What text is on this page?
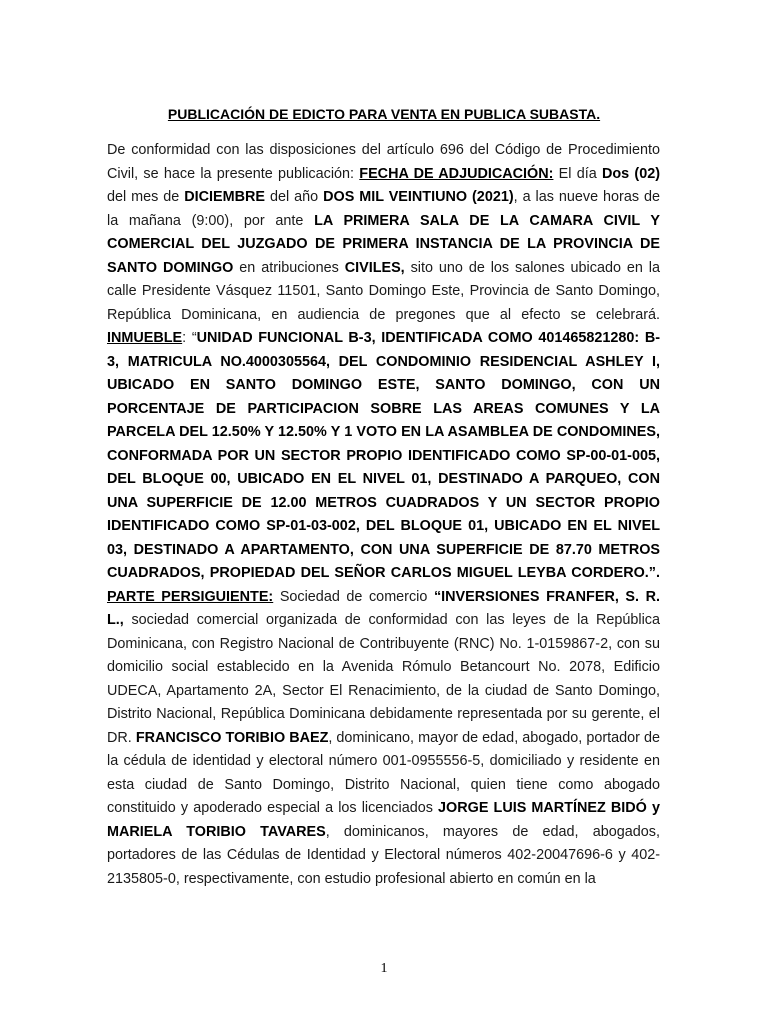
PUBLICACIÓN DE EDICTO PARA VENTA EN PUBLICA SUBASTA.

De conformidad con las disposiciones del artículo 696 del Código de Procedimiento Civil, se hace la presente publicación: FECHA DE ADJUDICACIÓN: El día Dos (02) del mes de DICIEMBRE del año DOS MIL VEINTIUNO (2021), a las nueve horas de la mañana (9:00), por ante LA PRIMERA SALA DE LA CAMARA CIVIL Y COMERCIAL DEL JUZGADO DE PRIMERA INSTANCIA DE LA PROVINCIA DE SANTO DOMINGO en atribuciones CIVILES, sito uno de los salones ubicado en la calle Presidente Vásquez 11501, Santo Domingo Este, Provincia de Santo Domingo, República Dominicana, en audiencia de pregones que al efecto se celebrará. INMUEBLE: “UNIDAD FUNCIONAL B-3, IDENTIFICADA COMO 401465821280: B-3, MATRICULA NO.4000305564, DEL CONDOMINIO RESIDENCIAL ASHLEY I, UBICADO EN SANTO DOMINGO ESTE, SANTO DOMINGO, CON UN PORCENTAJE DE PARTICIPACION SOBRE LAS AREAS COMUNES Y LA PARCELA DEL 12.50% Y 12.50% Y 1 VOTO EN LA ASAMBLEA DE CONDOMINES, CONFORMADA POR UN SECTOR PROPIO IDENTIFICADO COMO SP-00-01-005, DEL BLOQUE 00, UBICADO EN EL NIVEL 01, DESTINADO A PARQUEO, CON UNA SUPERFICIE DE 12.00 METROS CUADRADOS Y UN SECTOR PROPIO IDENTIFICADO COMO SP-01-03-002, DEL BLOQUE 01, UBICADO EN EL NIVEL 03, DESTINADO A APARTAMENTO, CON UNA SUPERFICIE DE 87.70 METROS CUADRADOS, PROPIEDAD DEL SEÑOR CARLOS MIGUEL LEYBA CORDERO.”. PARTE PERSIGUIENTE: Sociedad de comercio “INVERSIONES FRANFER, S. R. L., sociedad comercial organizada de conformidad con las leyes de la República Dominicana, con Registro Nacional de Contribuyente (RNC) No. 1-0159867-2, con su domicilio social establecido en la Avenida Rómulo Betancourt No. 2078, Edificio UDECA, Apartamento 2A, Sector El Renacimiento, de la ciudad de Santo Domingo, Distrito Nacional, República Dominicana debidamente representada por su gerente, el DR. FRANCISCO TORIBIO BAEZ, dominicano, mayor de edad, abogado, portador de la cédula de identidad y electoral número 001-0955556-5, domiciliado y residente en esta ciudad de Santo Domingo, Distrito Nacional, quien tiene como abogado constituido y apoderado especial a los licenciados JORGE LUIS MARTÍNEZ BIDÓ y MARIELA TORIBIO TAVARES, dominicanos, mayores de edad, abogados, portadores de las Cédulas de Identidad y Electoral números 402-20047696-6 y 402-2135805-0, respectivamente, con estudio profesional abierto en común en la

1
